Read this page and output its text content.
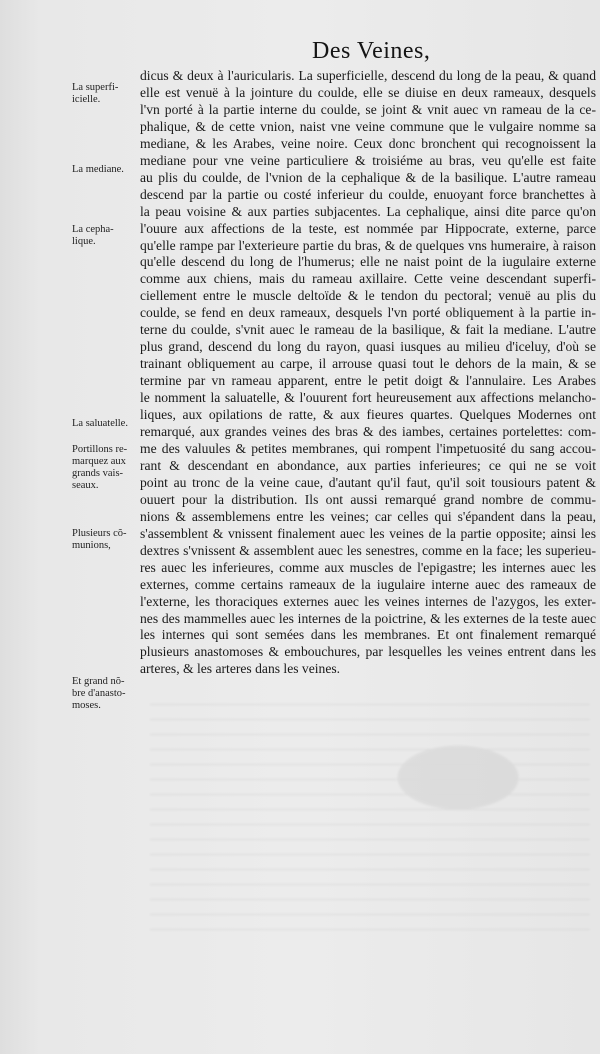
Des Veines,
La superfi-
icielle.
La mediane.
La cepha-
lique.
La saluatelle.
Portillons re-
marquez aux
grands vais-
seaux.
Plusieurs cõ-
munions,
Et grand nõ-
bre d'anasto-
moses.
dicus & deux à l'auricularis. La superficielle, descend du long de la peau, & quand
elle est venuë à la jointure du coulde, elle se diuise en deux rameaux, desquels
l'vn porté à la partie interne du coulde, se joint & vnit auec vn rameau de la ce-
phalique, & de cette vnion, naist vne veine commune que le vulgaire nomme sa
mediane, & les Arabes, veine noire. Ceux donc bronchent qui recognoissent la
mediane pour vne veine particuliere & troisiéme au bras, veu qu'elle est faite
au plis du coulde, de l'vnion de la cephalique & de la basilique. L'autre rameau
descend par la partie ou costé inferieur du coulde, enuoyant force branchettes à
la peau voisine & aux parties subjacentes. La cephalique, ainsi dite parce qu'on
l'ouure aux affections de la teste, est nommée par Hippocrate, externe, parce
qu'elle rampe par l'exterieure partie du bras, & de quelques vns humeraire, à raison
qu'elle descend du long de l'humerus; elle ne naist point de la iugulaire externe
comme aux chiens, mais du rameau axillaire. Cette veine descendant superfi-
ciellement entre le muscle deltoïde & le tendon du pectoral; venuë au plis du
coulde, se fend en deux rameaux, desquels l'vn porté obliquement à la partie in-
terne du coulde, s'vnit auec le rameau de la basilique, & fait la mediane. L'autre
plus grand, descend du long du rayon, quasi iusques au milieu d'iceluy, d'où se
trainant obliquement au carpe, il arrouse quasi tout le dehors de la main, & se
termine par vn rameau apparent, entre le petit doigt & l'annulaire. Les Arabes
le nomment la saluatelle, & l'ouurent fort heureusement aux affections melancho-
liques, aux opilations de ratte, & aux fieures quartes. Quelques Modernes ont
remarqué, aux grandes veines des bras & des iambes, certaines portelettes: com-
me des valuules & petites membranes, qui rompent l'impetuosité du sang accou-
rant & descendant en abondance, aux parties inferieures; ce qui ne se voit
point au tronc de la veine caue, d'autant qu'il faut, qu'il soit tousiours patent &
ouuert pour la distribution. Ils ont aussi remarqué grand nombre de commu-
nions & assemblemens entre les veines; car celles qui s'épandent dans la peau,
s'assemblent & vnissent finalement auec les veines de la partie opposite; ainsi les
dextres s'vnissent & assemblent auec les senestres, comme en la face; les superieu-
res auec les inferieures, comme aux muscles de l'epigastre; les internes auec les
externes, comme certains rameaux de la iugulaire interne auec des rameaux de
l'externe, les thoraciques externes auec les veines internes de l'azygos, les exter-
nes des mammelles auec les internes de la poictrine, & les externes de la teste auec
les internes qui sont semées dans les membranes. Et ont finalement remarqué
plusieurs anastomoses & embouchures, par lesquelles les veines entrent dans les
arteres, & les arteres dans les veines.
